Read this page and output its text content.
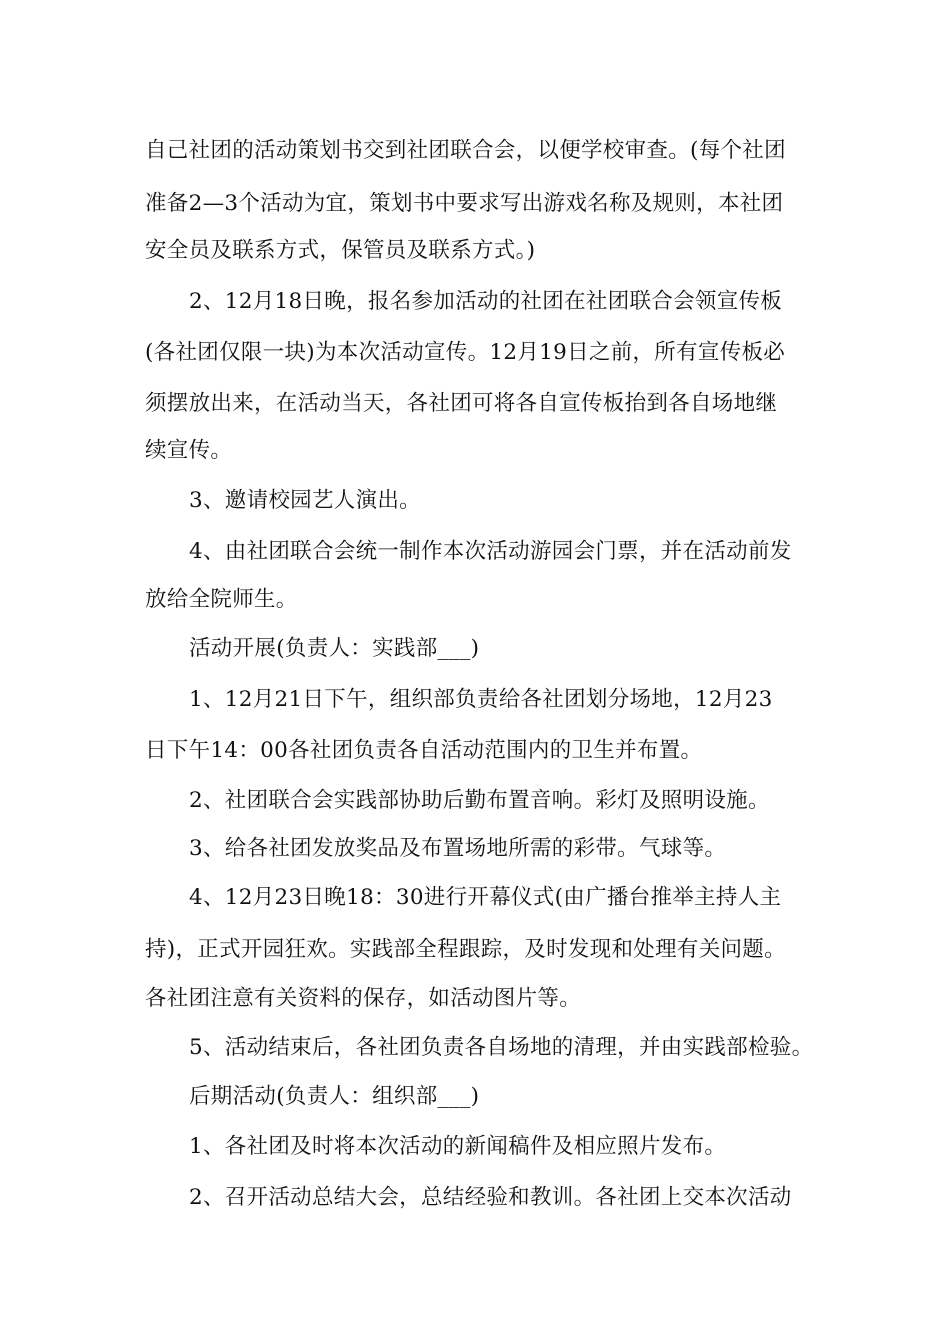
自己社团的活动策划书交到社团联合会，以便学校审查。(每个社团
准备2—3个活动为宜，策划书中要求写出游戏名称及规则，本社团
安全员及联系方式，保管员及联系方式。)
2、12月18日晚，报名参加活动的社团在社团联合会领宣传板
(各社团仅限一块)为本次活动宣传。12月19日之前，所有宣传板必
须摆放出来，在活动当天，各社团可将各自宣传板抬到各自场地继
续宣传。
3、邀请校园艺人演出。
4、由社团联合会统一制作本次活动游园会门票，并在活动前发
放给全院师生。
活动开展(负责人：实践部___)
1、12月21日下午，组织部负责给各社团划分场地，12月23
日下午14：00各社团负责各自活动范围内的卫生并布置。
2、社团联合会实践部协助后勤布置音响。彩灯及照明设施。
3、给各社团发放奖品及布置场地所需的彩带。气球等。
4、12月23日晚18：30进行开幕仪式(由广播台推举主持人主
持)，正式开园狂欢。实践部全程跟踪，及时发现和处理有关问题。
各社团注意有关资料的保存，如活动图片等。
5、活动结束后，各社团负责各自场地的清理，并由实践部检验。
后期活动(负责人：组织部___)
1、各社团及时将本次活动的新闻稿件及相应照片发布。
2、召开活动总结大会，总结经验和教训。各社团上交本次活动
